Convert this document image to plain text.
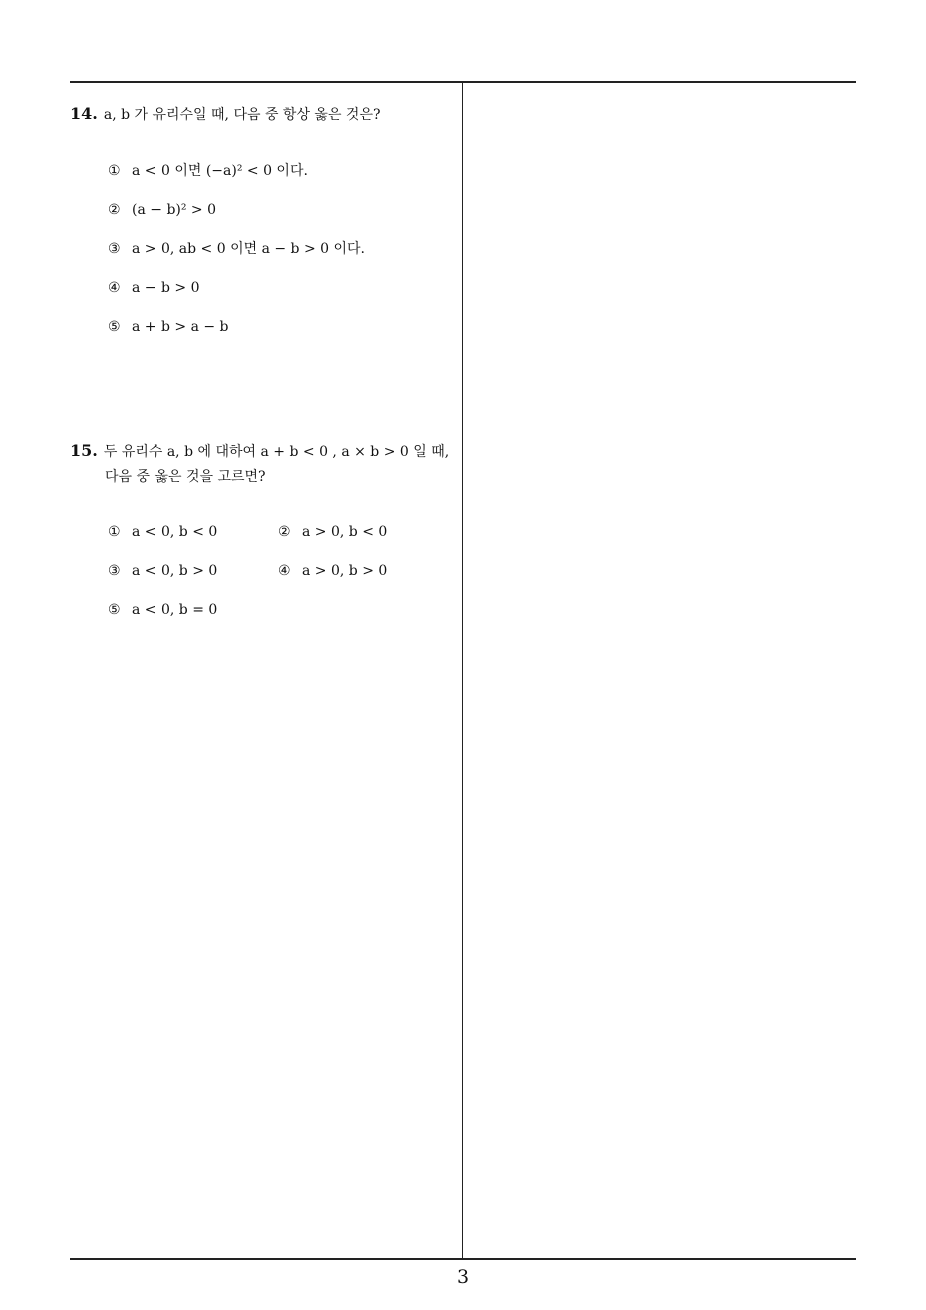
14. a, b 가 유리수일 때, 다음 중 항상 옳은 것은?
① a < 0 이면 (−a)² < 0 이다.
② (a − b)² > 0
③ a > 0, ab < 0 이면 a − b > 0 이다.
④ a − b > 0
⑤ a + b > a − b
15. 두 유리수 a, b 에 대하여 a + b < 0 , a × b > 0 일 때,
다음 중 옳은 것을 고르면?
① a < 0, b < 0	② a > 0, b < 0
③ a < 0, b > 0	④ a > 0, b > 0
⑤ a < 0, b = 0
3
